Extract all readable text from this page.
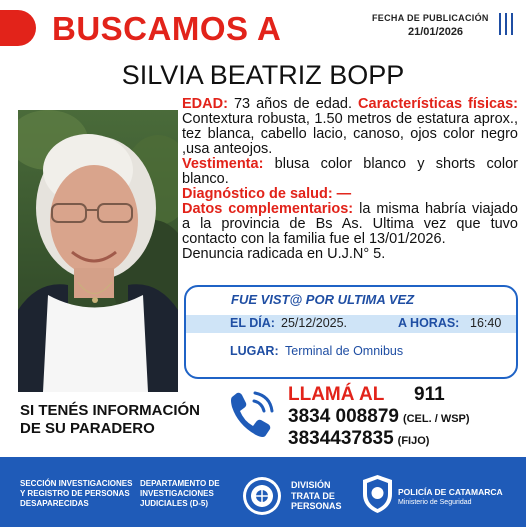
BUSCAMOS A	FECHA DE PUBLICACIÓN
21/01/2026
SILVIA BEATRIZ BOPP
EDAD: 73 años de edad. Características físicas: Contextura robusta, 1.50 metros de estatura aprox., tez blanca, cabello lacio, canoso, ojos color negro ,usa anteojos.
Vestimenta: blusa color blanco y shorts color blanco.
Diagnóstico de salud: —
Datos complementarios: la misma habría viajado a la provincia de Bs As. Ultima vez que tuvo contacto con la familia fue el 13/01/2026.
Denuncia radicada en U.J.N° 5.
FUE VIST@ POR ULTIMA VEZ
EL DÍA: 25/12/2025.	A HORAS: 16:40
LUGAR: Terminal de Omnibus
SI TENÉS INFORMACIÓN
DE SU PARADERO
LLAMÁ AL 911
3834 008879 (CEL. / WSP)
3834437835 (FIJO)
SECCIÓN INVESTIGACIONES
Y REGISTRO DE PERSONAS
DESAPARECIDAS
DEPARTAMENTO DE
INVESTIGACIONES
JUDICIALES (D-5)
DIVISIÓN
TRATA DE
PERSONAS
POLICÍA DE CATAMARCA
Ministerio de Seguridad
